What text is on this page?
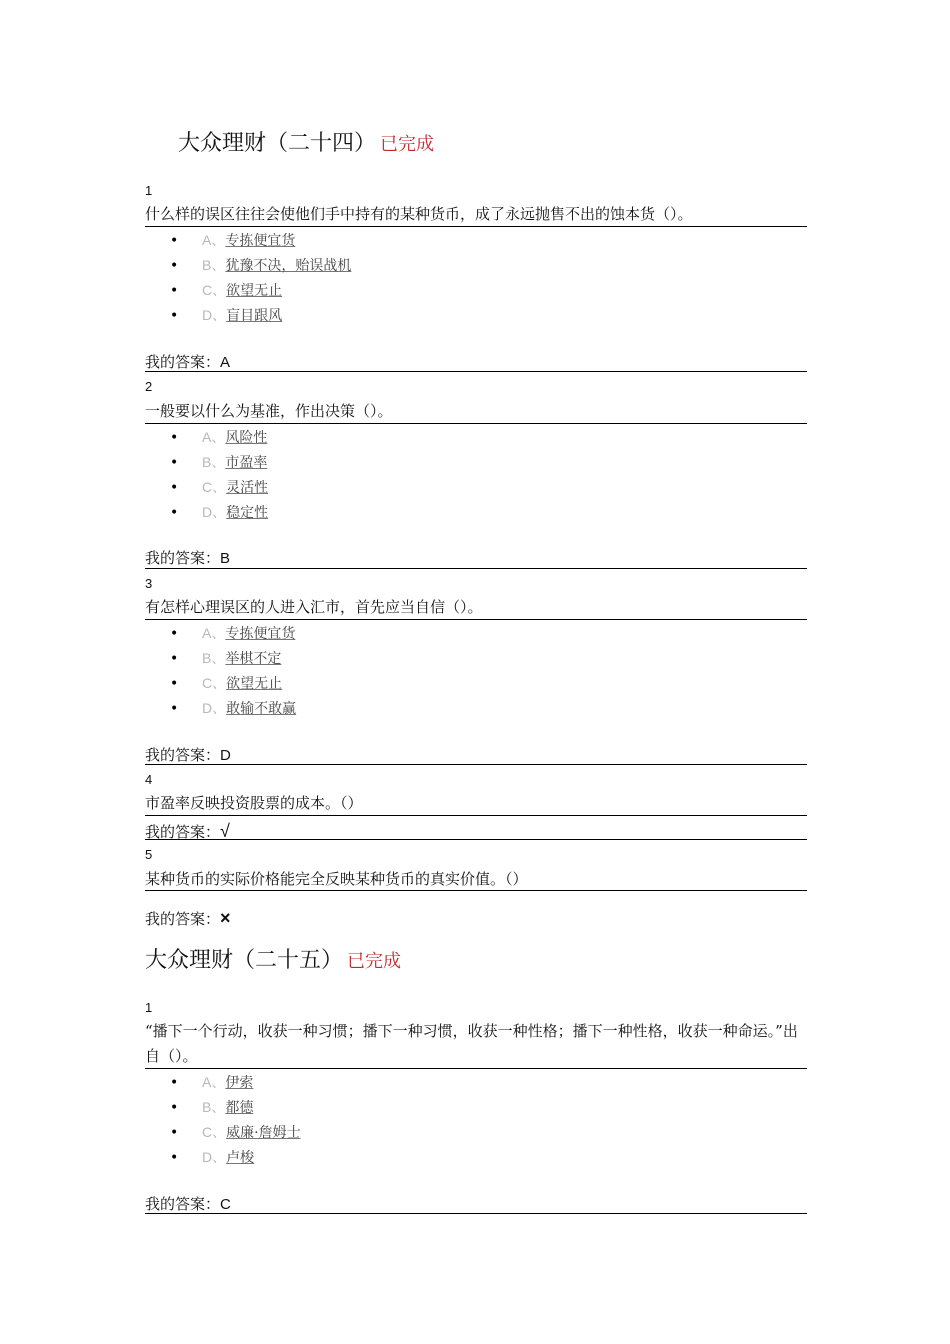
大众理财（二十四） 已完成
1
什么样的误区往往会使他们手中持有的某种货币，成了永远抛售不出的蚀本货（）。
• A、专拣便宜货
• B、犹豫不决，贻误战机
• C、欲望无止
• D、盲目跟风
我的答案：A
2
一般要以什么为基准，作出决策（）。
• A、风险性
• B、市盈率
• C、灵活性
• D、稳定性
我的答案：B
3
有怎样心理误区的人进入汇市，首先应当自信（）。
• A、专拣便宜货
• B、举棋不定
• C、欲望无止
• D、敢输不敢赢
我的答案：D
4
市盈率反映投资股票的成本。（）
我的答案：√
5
某种货币的实际价格能完全反映某种货币的真实价值。（）
我的答案：×
大众理财（二十五） 已完成
1
“播下一个行动，收获一种习惯；播下一种习惯，收获一种性格；播下一种性格，收获一种命运。”出自（）。
• A、伊索
• B、都德
• C、威廉·詹姆士
• D、卢梭
我的答案：C
